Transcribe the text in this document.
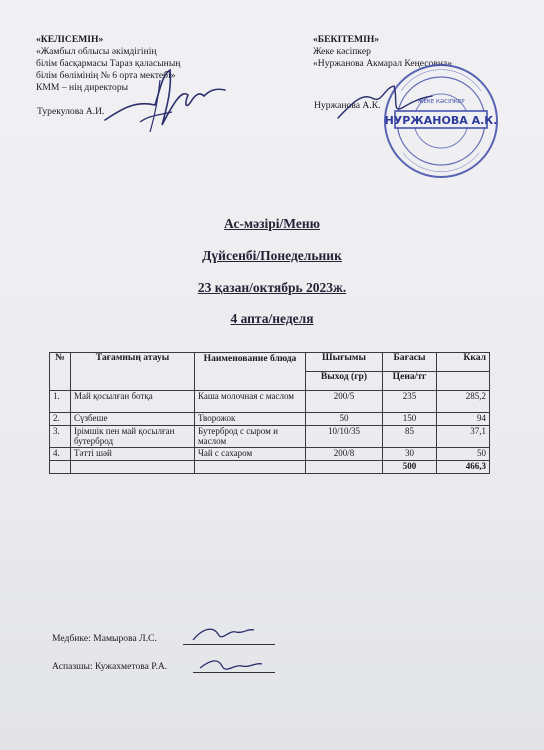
«КЕЛІСЕМІН»
«Жамбыл облысы әкімдігінің
білім басқармасы Тараз қаласының
білім бөлімінің № 6 орта мектебі»
КММ – нің директоры
Турекулова А.И.
«БЕКІТЕМІН»
Жеке кәсіпкер
«Нуржанова Акмарал Кеңесовна»
Нуржанова А.К.
НУРЖАНОВА А.К.
ЖЕКЕ КӘСІПКЕР
Ас-мәзірі/Меню
Дүйсенбі/Понедельник
23 қазан/октябрь 2023ж.
4 апта/неделя
№	Тағамның атауы	Наименование блюда	Шығымы	Бағасы	Ккал
			Выход (гр)	Цена/тг	
1.	Май қосылған ботқа	Каша молочная с маслом	200/5	235	285,2
2.	Сүзбеше	Творожок	50	150	94
3.	Ірімшік пен май қосылған бутерброд	Бутерброд с сыром и маслом	10/10/35	85	37,1
4.	Тәтті шәй	Чай с сахаром	200/8	30	50
				500	466,3
Медбике: Мамырова Л.С.
Аспазшы: Кужахметова Р.А.
